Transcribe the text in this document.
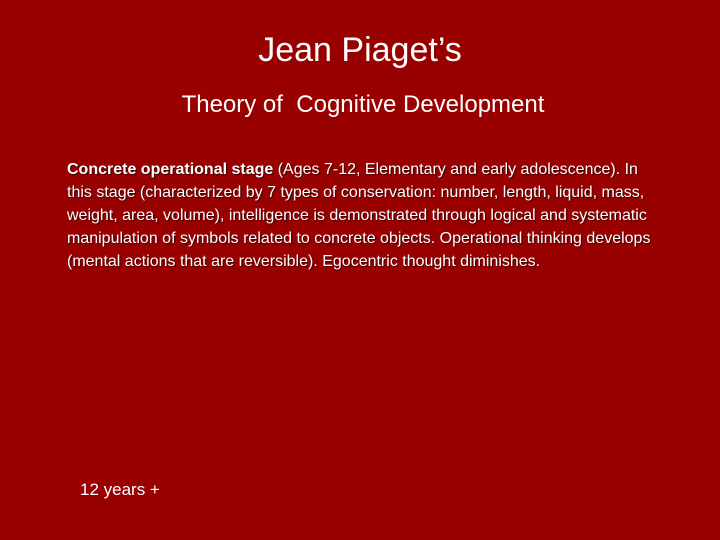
Jean Piaget’s
Theory of  Cognitive Development
Concrete operational stage (Ages 7-12, Elementary and early adolescence). In this stage (characterized by 7 types of conservation: number, length, liquid, mass, weight, area, volume), intelligence is demonstrated through logical and systematic manipulation of symbols related to concrete objects. Operational thinking develops (mental actions that are reversible). Egocentric thought diminishes.
12 years +
